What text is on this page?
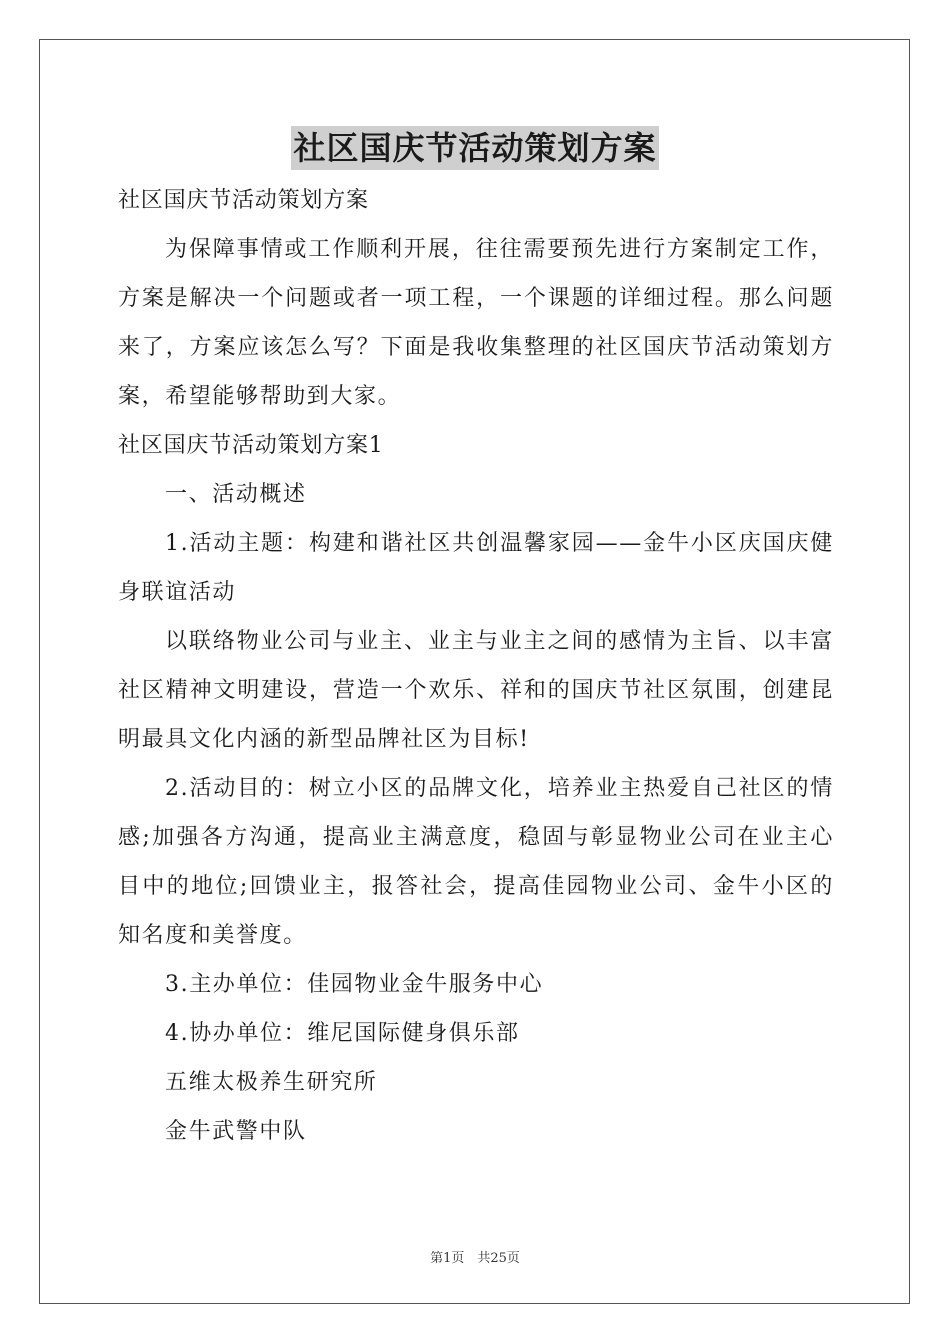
社区国庆节活动策划方案

社区国庆节活动策划方案

为保障事情或工作顺利开展，往往需要预先进行方案制定工作，方案是解决一个问题或者一项工程，一个课题的详细过程。那么问题来了，方案应该怎么写？下面是我收集整理的社区国庆节活动策划方案，希望能够帮助到大家。

社区国庆节活动策划方案1

一、活动概述

1.活动主题：构建和谐社区共创温馨家园——金牛小区庆国庆健身联谊活动

以联络物业公司与业主、业主与业主之间的感情为主旨、以丰富社区精神文明建设，营造一个欢乐、祥和的国庆节社区氛围，创建昆明最具文化内涵的新型品牌社区为目标!

2.活动目的：树立小区的品牌文化，培养业主热爱自己社区的情感;加强各方沟通，提高业主满意度，稳固与彰显物业公司在业主心目中的地位;回馈业主，报答社会，提高佳园物业公司、金牛小区的知名度和美誉度。

3.主办单位：佳园物业金牛服务中心

4.协办单位：维尼国际健身俱乐部

五维太极养生研究所

金牛武警中队

第1页　共25页
